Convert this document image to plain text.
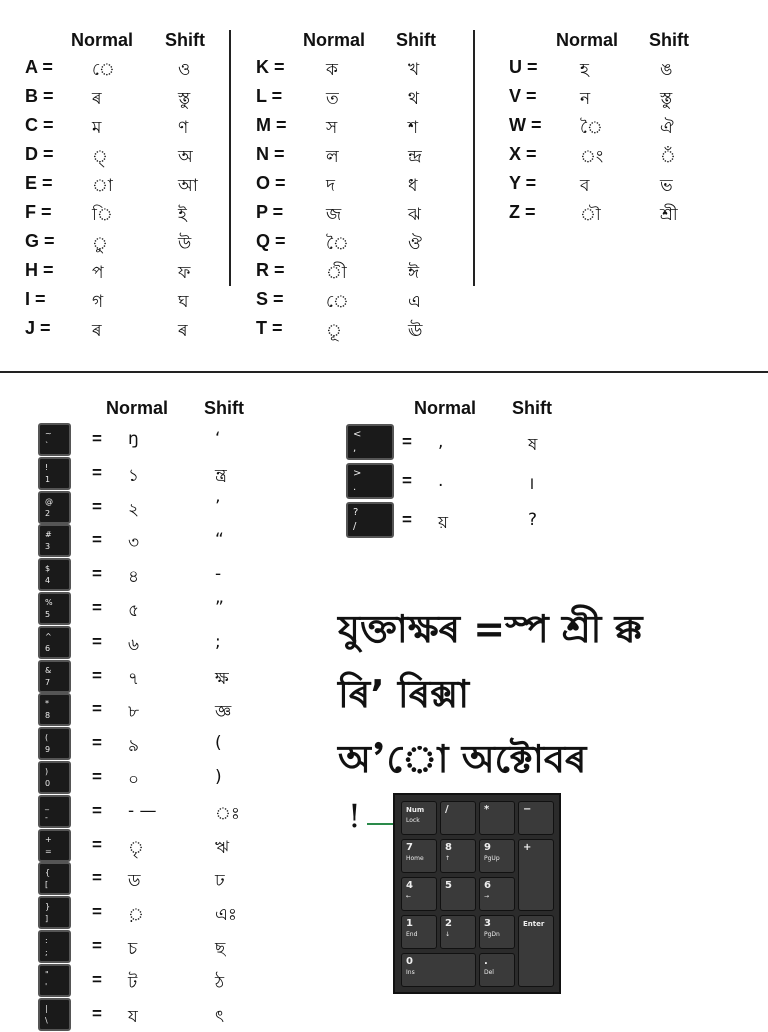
Normal Shift	Normal Shift	Normal Shift
A = ে	ও
B = ৰ	স্তু
C = ম	ণ
D = ্	অ
E = া	আ
F = ি	ই
G = ু	উ
H = প	ফ
I =	গ	ঘ
J = ৰ	ৰ
K = ক	খ
L =	ত	থ
M = স	শ
N = ল	ন্দ্র
O = দ	ধ
P =	জ	ঝ
Q = ৈ	ঔ
R = ী	ঈ
S = ে	এ
T =	ূ	ঊ
U = হ	ঙ
V =	ন	স্তু
W = ৈ	ঐ
X =	ং	ঁ
Y =	ব	ভ
Z =	ৗ	শ্রী
Normal Shift	Normal Shift
~
`	= ŋ	‘
!
1 = ১	ন্ত্ৰ
@
2 = ২	’
#
3 = ৩	“
$
4 = ৪	‑
%
5 = ৫	”
^
6 = ৬	;
&
7 = ৭	ক্ষ
*
8 = ৮	জ্ঞ
(
9 = ৯	(
)
0 = ০	)
_
-	= - —	ঃ
+
= = ৃ	ঋ
{
[	= ড	ঢ
}
]	= ়	এঃ
:
;	= চ	ছ
"
'	= ট	ঠ
|
\	= য	ৎ
<
,	= ,	ষ
>
.	= .	।
?
/	= য়	?
যুক্তাক্ষৰ =স্প শ্ৰী ক্ক
ৰি’ ৰিক্সা
অ’ো অক্টোবৰ
!	Num
Lock
/	*	−
7
Home
8
↑
9
PgUp
+
4
←
5	6
→
1
End
2
↓
3
PgDn
Enter
0
Ins
.
Del
